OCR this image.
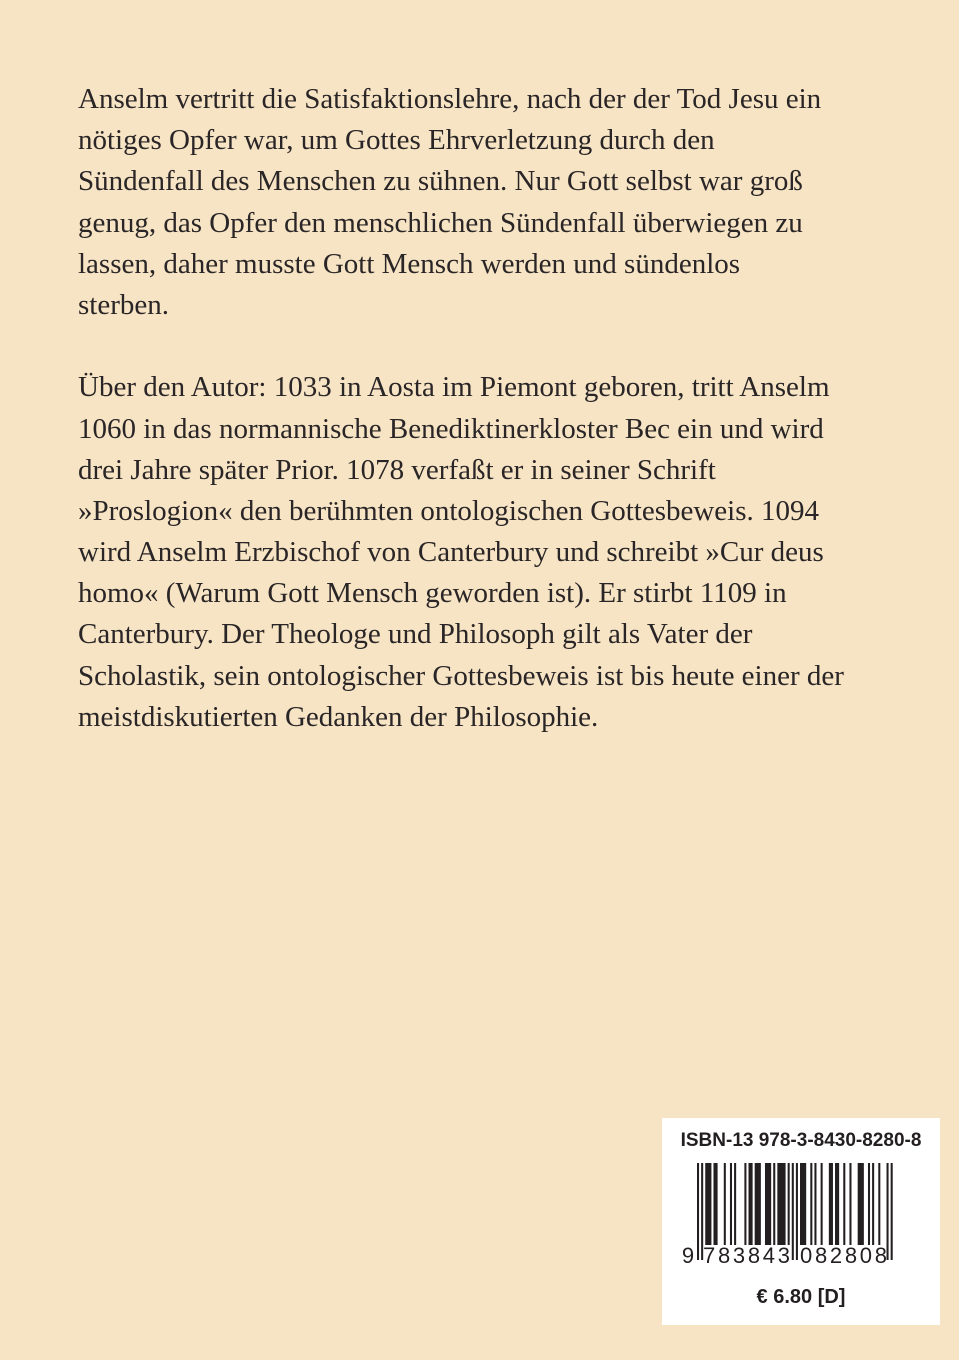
Anselm vertritt die Satisfaktionslehre, nach der der Tod Jesu ein
nötiges Opfer war, um Gottes Ehrverletzung durch den
Sündenfall des Menschen zu sühnen. Nur Gott selbst war groß
genug, das Opfer den menschlichen Sündenfall überwiegen zu
lassen, daher musste Gott Mensch werden und sündenlos
sterben.
Über den Autor: 1033 in Aosta im Piemont geboren, tritt Anselm
1060 in das normannische Benediktinerkloster Bec ein und wird
drei Jahre später Prior. 1078 verfaßt er in seiner Schrift
»Proslogion« den berühmten ontologischen Gottesbeweis. 1094
wird Anselm Erzbischof von Canterbury und schreibt »Cur deus
homo« (Warum Gott Mensch geworden ist). Er stirbt 1109 in
Canterbury. Der Theologe und Philosoph gilt als Vater der
Scholastik, sein ontologischer Gottesbeweis ist bis heute einer der
meistdiskutierten Gedanken der Philosophie.
ISBN-13 978-3-8430-8280-8
9 783843 082808
€ 6.80 [D]
